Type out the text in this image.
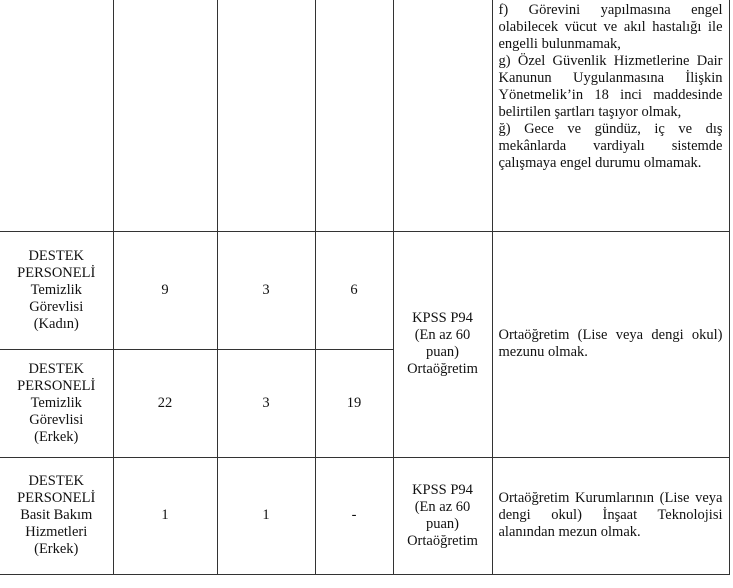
					f) Görevini yapılmasına engel olabilecek vücut ve akıl hastalığı ile engelli bulunmamak,
g) Özel Güvenlik Hizmetlerine Dair Kanunun Uygulanmasına İlişkin Yönetmelik’in 18 inci maddesinde belirtilen şartları taşıyor olmak,
ğ) Gece ve gündüz, iç ve dış mekânlarda vardiyalı sistemde çalışmaya engel durumu olmamak.

DESTEK
PERSONELİ
Temizlik
Görevlisi
(Kadın)	9	3	6	KPSS P94
(En az 60
puan)
Ortaöğretim	Ortaöğretim (Lise veya dengi okul) mezunu olmak.

DESTEK
PERSONELİ
Temizlik
Görevlisi
(Erkek)	22	3	19		

DESTEK
PERSONELİ
Basit Bakım
Hizmetleri
(Erkek)	1	1	-	KPSS P94
(En az 60
puan)
Ortaöğretim	Ortaöğretim Kurumlarının (Lise veya dengi okul) İnşaat Teknolojisi alanından mezun olmak.
